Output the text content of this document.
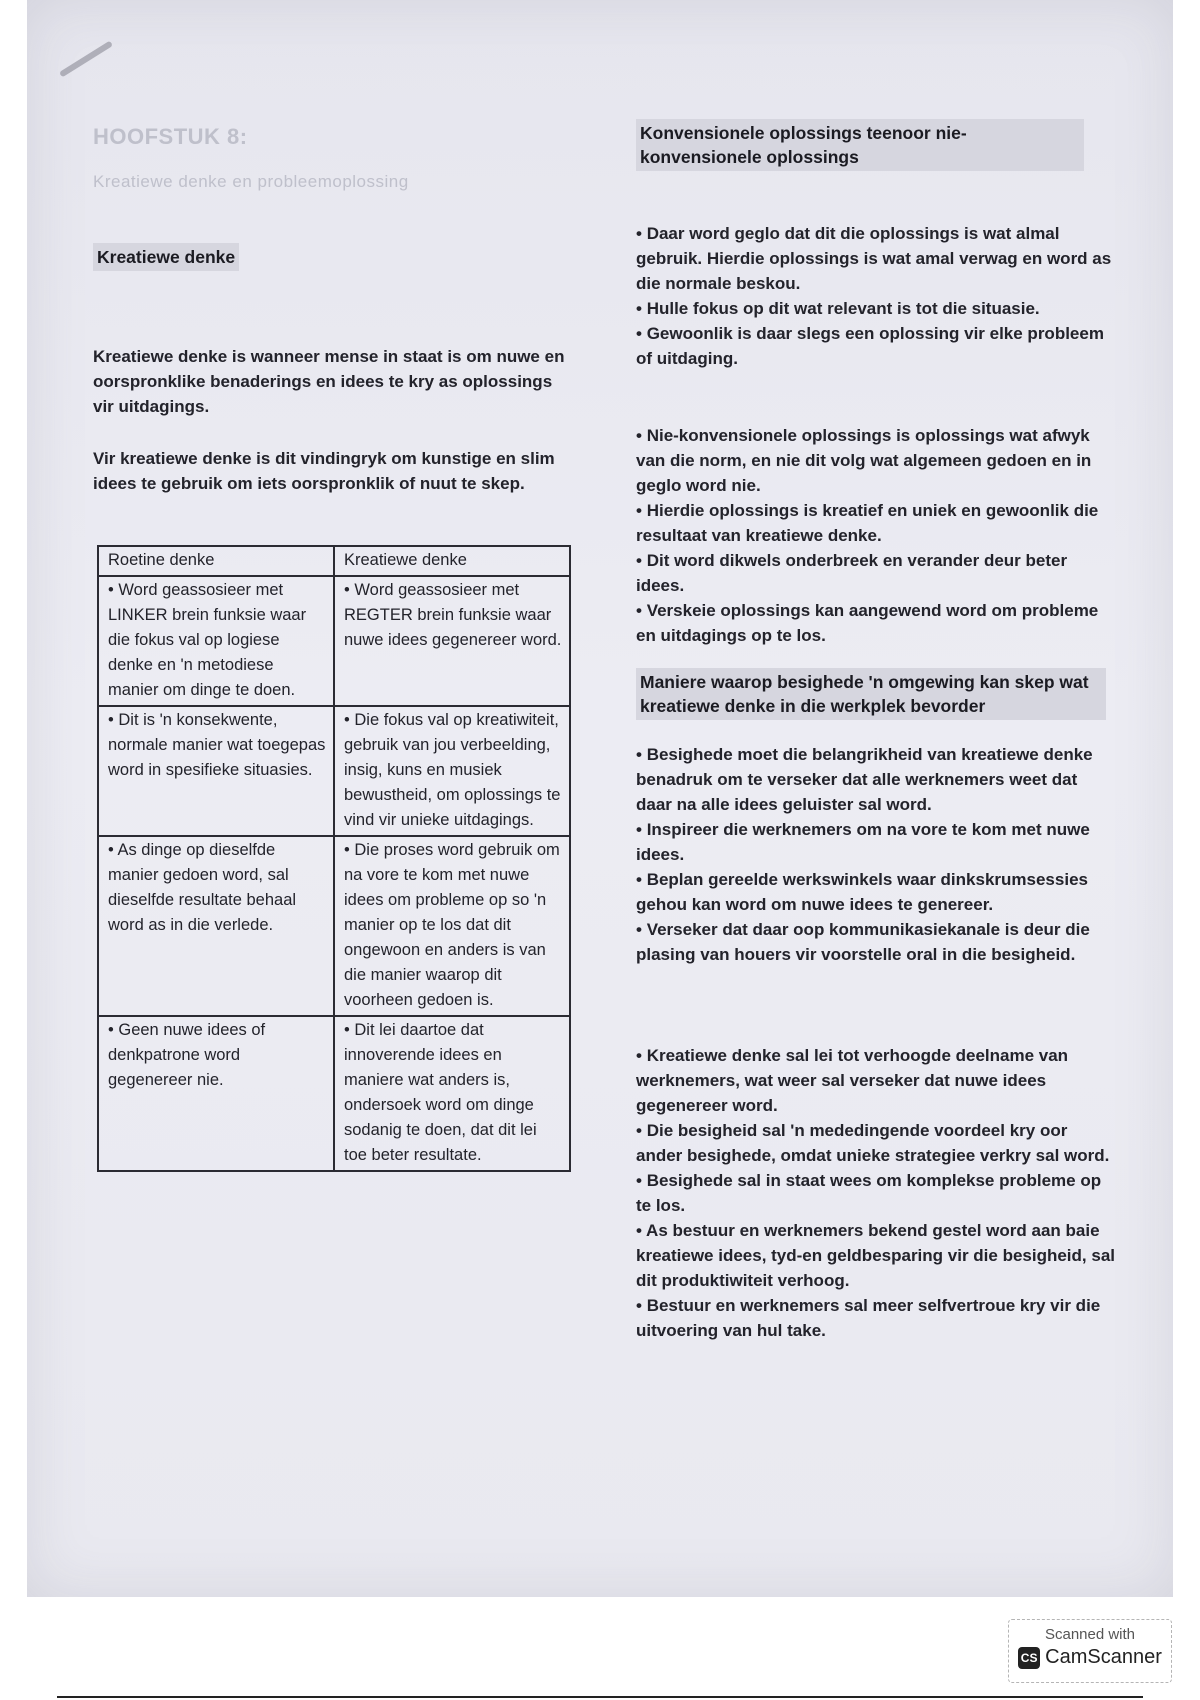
HOOFSTUK 8:
Kreatiewe denke en probleemoplossing
Kreatiewe denke

Kreatiewe denke is wanneer mense in staat is om nuwe en oorspronklike benaderings en idees te kry as oplossings vir uitdagings.

Vir kreatiewe denke is dit vindingryk om kunstige en slim idees te gebruik om iets oorspronklik of nuut te skep.

Roetine denke	Kreatiewe denke
• Word geassosieer met LINKER brein funksie waar die fokus val op logiese denke en 'n metodiese manier om dinge te doen.	• Word geassosieer met REGTER brein funksie waar nuwe idees gegenereer word.
• Dit is 'n konsekwente, normale manier wat toegepas word in spesifieke situasies.	• Die fokus val op kreatiwiteit, gebruik van jou verbeelding, insig, kuns en musiek bewustheid, om oplossings te vind vir unieke uitdagings.
• As dinge op dieselfde manier gedoen word, sal dieselfde resultate behaal word as in die verlede.	• Die proses word gebruik om na vore te kom met nuwe idees om probleme op so 'n manier op te los dat dit ongewoon en anders is van die manier waarop dit voorheen gedoen is.
• Geen nuwe idees of denkpatrone word gegenereer nie.	• Dit lei daartoe dat innoverende idees en maniere wat anders is, ondersoek word om dinge sodanig te doen, dat dit lei toe beter resultate.
Konvensionele oplossings teenoor nie-konvensionele oplossings
• Daar word geglo dat dit die oplossings is wat almal gebruik. Hierdie oplossings is wat amal verwag en word as die normale beskou.
• Hulle fokus op dit wat relevant is tot die situasie.
• Gewoonlik is daar slegs een oplossing vir elke probleem of uitdaging.
• Nie-konvensionele oplossings is oplossings wat afwyk van die norm, en nie dit volg wat algemeen gedoen en in geglo word nie.
• Hierdie oplossings is kreatief en uniek en gewoonlik die resultaat van kreatiewe denke.
• Dit word dikwels onderbreek en verander deur beter idees.
• Verskeie oplossings kan aangewend word om probleme en uitdagings op te los.
Maniere waarop besighede 'n omgewing kan skep wat kreatiewe denke in die werkplek bevorder
• Besighede moet die belangrikheid van kreatiewe denke benadruk om te verseker dat alle werknemers weet dat daar na alle idees geluister sal word.
• Inspireer die werknemers om na vore te kom met nuwe idees.
• Beplan gereelde werkswinkels waar dinkskrumsessies gehou kan word om nuwe idees te genereer.
• Verseker dat daar oop kommunikasiekanale is deur die plasing van houers vir voorstelle oral in die besigheid.
• Kreatiewe denke sal lei tot verhoogde deelname van werknemers, wat weer sal verseker dat nuwe idees gegenereer word.
• Die besigheid sal 'n mededingende voordeel kry oor ander besighede, omdat unieke strategiee verkry sal word.
• Besighede sal in staat wees om komplekse probleme op te los.
• As bestuur en werknemers bekend gestel word aan baie kreatiewe idees, tyd-en geldbesparing vir die besigheid, sal dit produktiwiteit verhoog.
• Bestuur en werknemers sal meer selfvertroue kry vir die uitvoering van hul take.
Scanned with
CS CamScanner
